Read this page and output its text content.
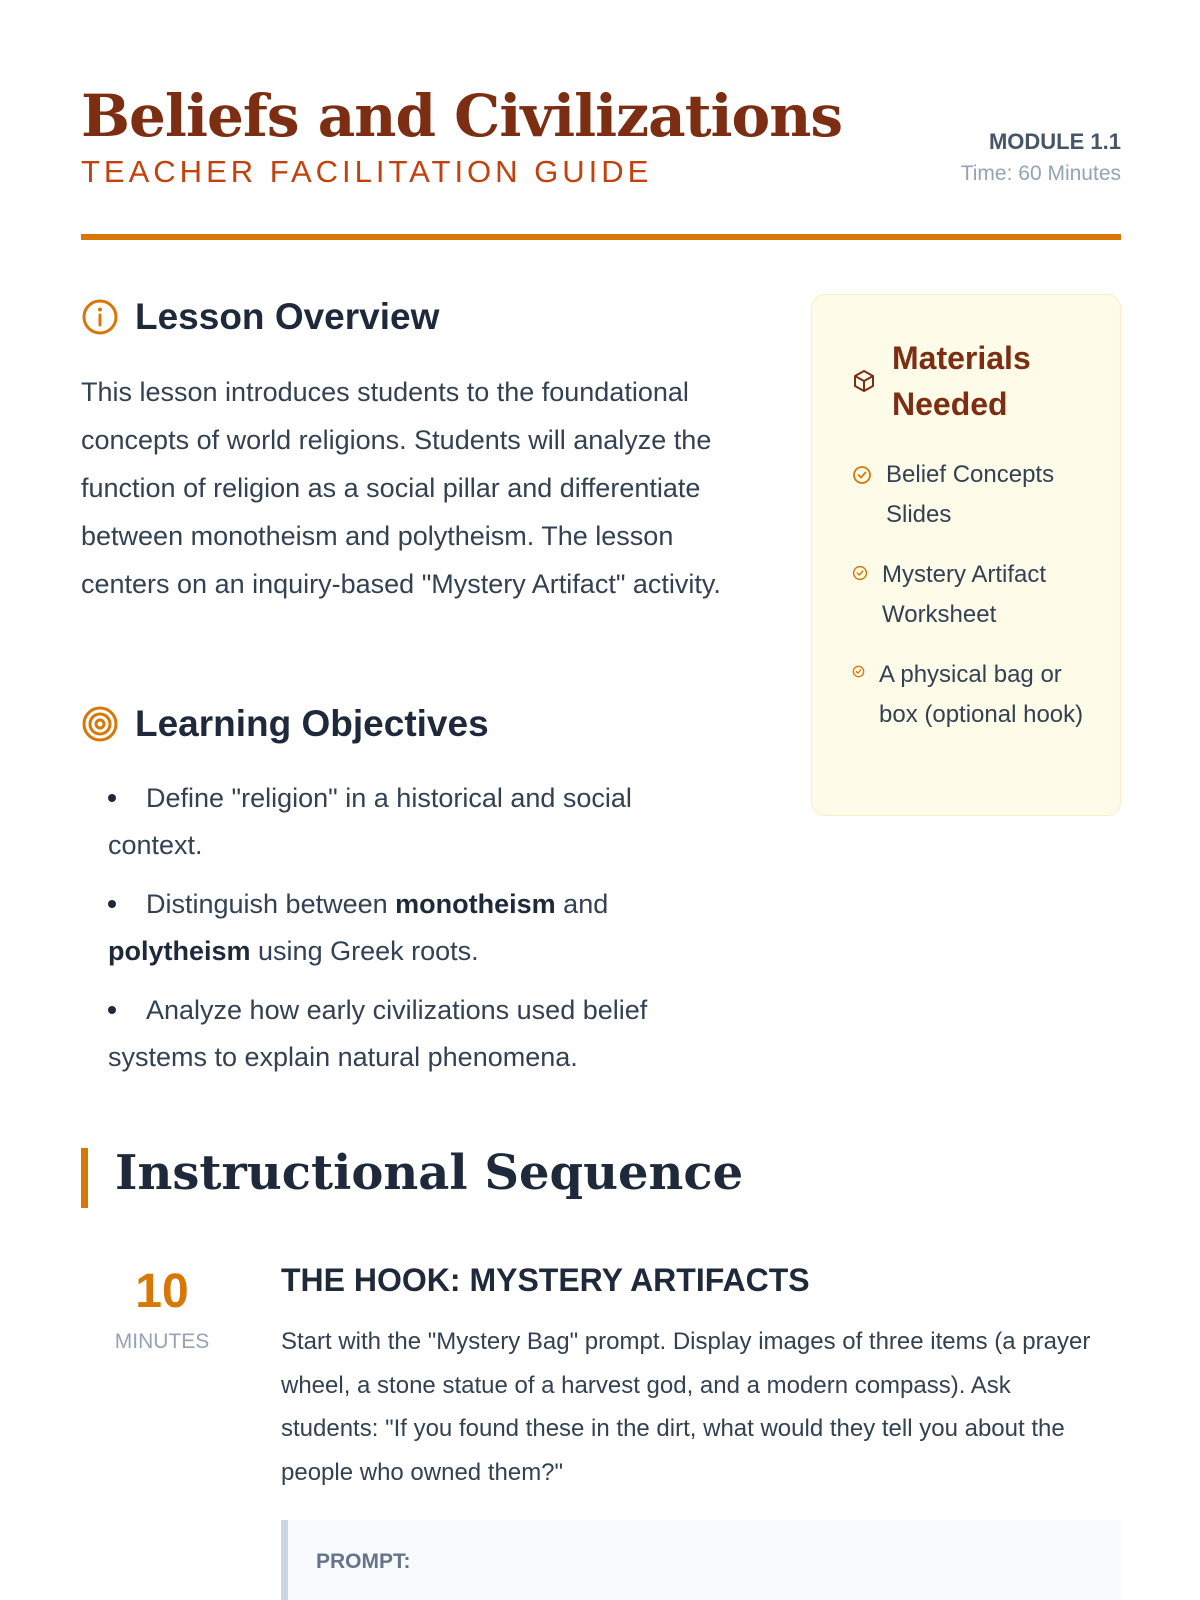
Beliefs and Civilizations
TEACHER FACILITATION GUIDE
MODULE 1.1
Time: 60 Minutes
Lesson Overview

This lesson introduces students to the foundational concepts of world religions. Students will analyze the function of religion as a social pillar and differentiate between monotheism and polytheism. The lesson centers on an inquiry-based "Mystery Artifact" activity.

Learning Objectives
Define "religion" in a historical and social context.
Distinguish between monotheism and polytheism using Greek roots.
Analyze how early civilizations used belief systems to explain natural phenomena.
Materials Needed
Belief Concepts Slides
Mystery Artifact Worksheet
A physical bag or box (optional hook)
Instructional Sequence
10
MINUTES
THE HOOK: MYSTERY ARTIFACTS

Start with the "Mystery Bag" prompt. Display images of three items (a prayer wheel, a stone statue of a harvest god, and a modern compass). Ask students: "If you found these in the dirt, what would they tell you about the people who owned them?"

PROMPT:
